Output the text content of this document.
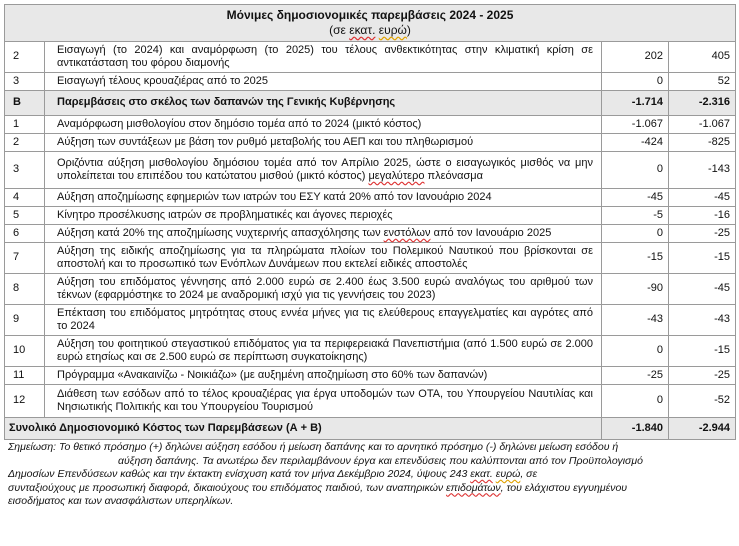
Μόνιμες δημοσιονομικές παρεμβάσεις 2024 - 2025
(σε εκατ. ευρώ)			

2	Εισαγωγή (το 2024) και αναμόρφωση (το 2025) του τέλους ανθεκτικότητας στην κλιματική κρίση σε αντικατάσταση του φόρου διαμονής	202	405
3	Εισαγωγή τέλους κρουαζιέρας από το 2025	0	52
Β	Παρεμβάσεις στο σκέλος των δαπανών της Γενικής Κυβέρνησης	-1.714	-2.316
1	Αναμόρφωση μισθολογίου στον δημόσιο τομέα από το 2024 (μικτό κόστος)	-1.067	-1.067
2	Αύξηση των συντάξεων με βάση τον ρυθμό μεταβολής του ΑΕΠ και του πληθωρισμού	-424	-825
3	Οριζόντια αύξηση μισθολογίου δημόσιου τομέα από τον Απρίλιο 2025, ώστε ο εισαγωγικός μισθός να μην υπολείπεται του επιπέδου του κατώτατου μισθού (μικτό κόστος) μεγαλύτερο πλεόνασμα	0	-143
4	Αύξηση αποζημίωσης εφημεριών των ιατρών του ΕΣΥ κατά 20% από τον Ιανουάριο 2024	-45	-45
5	Κίνητρο προσέλκυσης ιατρών σε προβληματικές και άγονες περιοχές	-5	-16
6	Αύξηση κατά 20% της αποζημίωσης νυχτερινής απασχόλησης των ενστόλων από τον Ιανουάριο 2025	0	-25
7	Αύξηση της ειδικής αποζημίωσης για τα πληρώματα πλοίων του Πολεμικού Ναυτικού που βρίσκονται σε αποστολή και το προσωπικό των Ενόπλων Δυνάμεων που εκτελεί ειδικές αποστολές	-15	-15
8	Αύξηση του επιδόματος γέννησης από 2.000 ευρώ σε 2.400 έως 3.500 ευρώ αναλόγως του αριθμού των τέκνων (εφαρμόστηκε το 2024 με αναδρομική ισχύ για τις γεννήσεις του 2023)	-90	-45
9	Επέκταση του επιδόματος μητρότητας στους εννέα μήνες για τις ελεύθερους επαγγελματίες και αγρότες από το 2024	-43	-43
10	Αύξηση του φοιτητικού στεγαστικού επιδόματος για τα περιφερειακά Πανεπιστήμια (από 1.500 ευρώ σε 2.000 ευρώ ετησίως και σε 2.500 ευρώ σε περίπτωση συγκατοίκησης)	0	-15
11	Πρόγραμμα «Ανακαινίζω - Νοικιάζω» (με αυξημένη αποζημίωση στο 60% των δαπανών)	-25	-25
12	Διάθεση των εσόδων από το τέλος κρουαζιέρας για έργα υποδομών των ΟΤΑ, του Υπουργείου Ναυτιλίας και Νησιωτικής Πολιτικής και του Υπουργείου Τουρισμού	0	-52
Συνολικό Δημοσιονομικό Κόστος των Παρεμβάσεων (Α + Β)		-1.840	-2.944
Σημείωση: Το θετικό πρόσημο (+) δηλώνει αύξηση εσόδου ή μείωση δαπάνης και το αρνητικό πρόσημο (-) δηλώνει μείωση εσόδου ή
αύξηση δαπάνης. Τα ανωτέρω δεν περιλαμβάνουν έργα και επενδύσεις που καλύπτονται από τον Προϋπολογισμό
Δημοσίων Επενδύσεων καθώς και την έκτακτη ενίσχυση κατά τον μήνα Δεκέμβριο 2024, ύψους 243 εκατ. ευρώ, σε
συνταξιούχους με προσωπική διαφορά, δικαιούχους του επιδόματος παιδιού, των αναπηρικών επιδομάτων, του ελάχιστου εγγυημένου
εισοδήματος και των ανασφάλιστων υπερηλίκων.
